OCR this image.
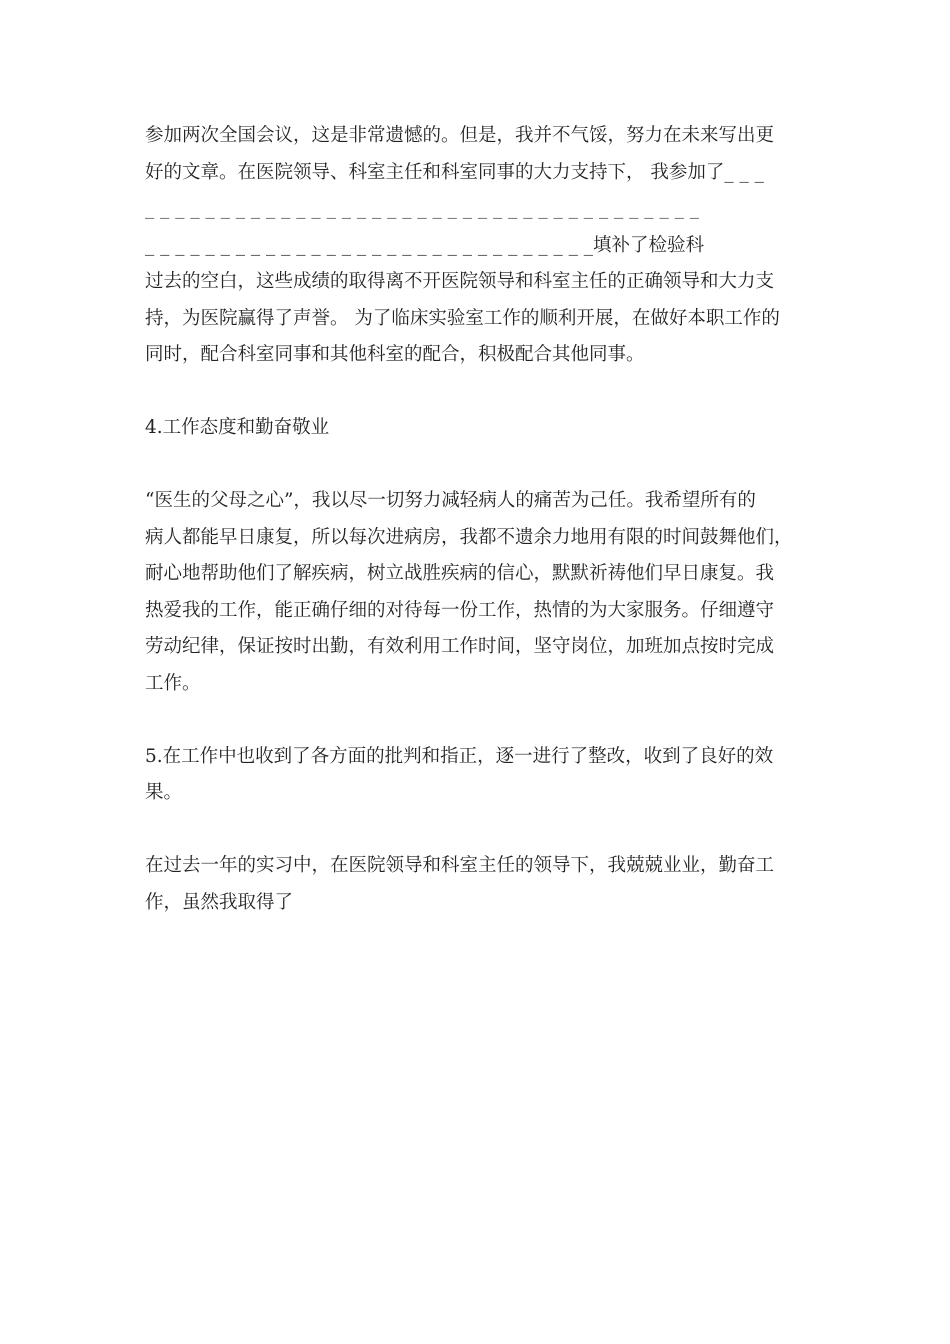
参加两次全国会议，这是非常遗憾的。但是，我并不气馁，努力在未来写出更
好的文章。在医院领导、科室主任和科室同事的大力支持下， 我参加了_ _ _
_ _ _ _ _ _ _ _ _ _ _ _ _ _ _ _ _ _ _ _ _ _ _ _ _ _ _ _ _ _ _ _ _ _ _ _ _
_ _ _ _ _ _ _ _ _ _ _ _ _ _ _ _ _ _ _ _ _ _ _ _ _ _ _ _ _ _填补了检验科
过去的空白，这些成绩的取得离不开医院领导和科室主任的正确领导和大力支
持，为医院赢得了声誉。 为了临床实验室工作的顺利开展，在做好本职工作的
同时，配合科室同事和其他科室的配合，积极配合其他同事。
4.工作态度和勤奋敬业
“医生的父母之心”，我以尽一切努力减轻病人的痛苦为己任。我希望所有的
病人都能早日康复，所以每次进病房，我都不遗余力地用有限的时间鼓舞他们，
耐心地帮助他们了解疾病，树立战胜疾病的信心，默默祈祷他们早日康复。我
热爱我的工作，能正确仔细的对待每一份工作，热情的为大家服务。仔细遵守
劳动纪律，保证按时出勤，有效利用工作时间，坚守岗位，加班加点按时完成
工作。
5.在工作中也收到了各方面的批判和指正，逐一进行了整改，收到了良好的效
果。
在过去一年的实习中，在医院领导和科室主任的领导下，我兢兢业业，勤奋工
作，虽然我取得了
